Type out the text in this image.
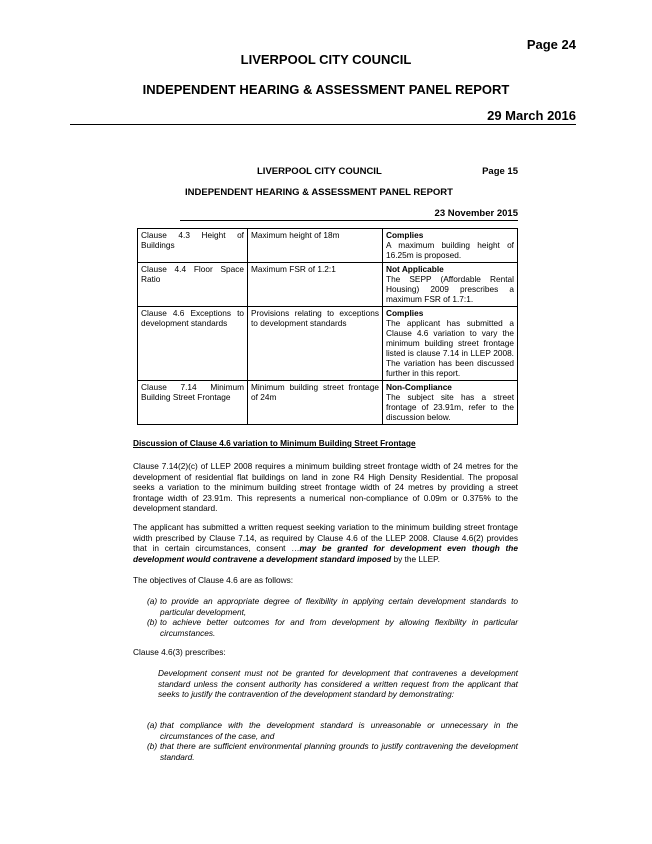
Page 24
LIVERPOOL CITY COUNCIL
INDEPENDENT HEARING & ASSESSMENT PANEL REPORT
29 March 2016
LIVERPOOL CITY COUNCIL	Page 15
INDEPENDENT HEARING & ASSESSMENT PANEL REPORT
23 November 2015
Clause 4.3 Height of Buildings	Maximum height of 18m	Complies
A maximum building height of 16.25m is proposed.
Clause 4.4 Floor Space Ratio	Maximum FSR of 1.2:1	Not Applicable
The SEPP (Affordable Rental Housing) 2009 prescribes a maximum FSR of 1.7:1.
Clause 4.6 Exceptions to development standards	Provisions relating to exceptions to development standards	Complies
The applicant has submitted a Clause 4.6 variation to vary the minimum building street frontage listed is clause 7.14 in LLEP 2008. The variation has been discussed further in this report.
Clause 7.14 Minimum Building Street Frontage	Minimum building street frontage of 24m	Non-Compliance
The subject site has a street frontage of 23.91m, refer to the discussion below.
Discussion of Clause 4.6 variation to Minimum Building Street Frontage
Clause 7.14(2)(c) of LLEP 2008 requires a minimum building street frontage width of 24 metres for the development of residential flat buildings on land in zone R4 High Density Residential. The proposal seeks a variation to the minimum building street frontage width of 24 metres by providing a street frontage width of 23.91m. This represents a numerical non-compliance of 0.09m or 0.375% to the development standard.
The applicant has submitted a written request seeking variation to the minimum building street frontage width prescribed by Clause 7.14, as required by Clause 4.6 of the LLEP 2008. Clause 4.6(2) provides that in certain circumstances, consent …may be granted for development even though the development would contravene a development standard imposed by the LLEP.
The objectives of Clause 4.6 are as follows:
(a) to provide an appropriate degree of flexibility in applying certain development standards to particular development,
(b) to achieve better outcomes for and from development by allowing flexibility in particular circumstances.
Clause 4.6(3) prescribes:
Development consent must not be granted for development that contravenes a development standard unless the consent authority has considered a written request from the applicant that seeks to justify the contravention of the development standard by demonstrating:
(a) that compliance with the development standard is unreasonable or unnecessary in the circumstances of the case, and
(b) that there are sufficient environmental planning grounds to justify contravening the development standard.
